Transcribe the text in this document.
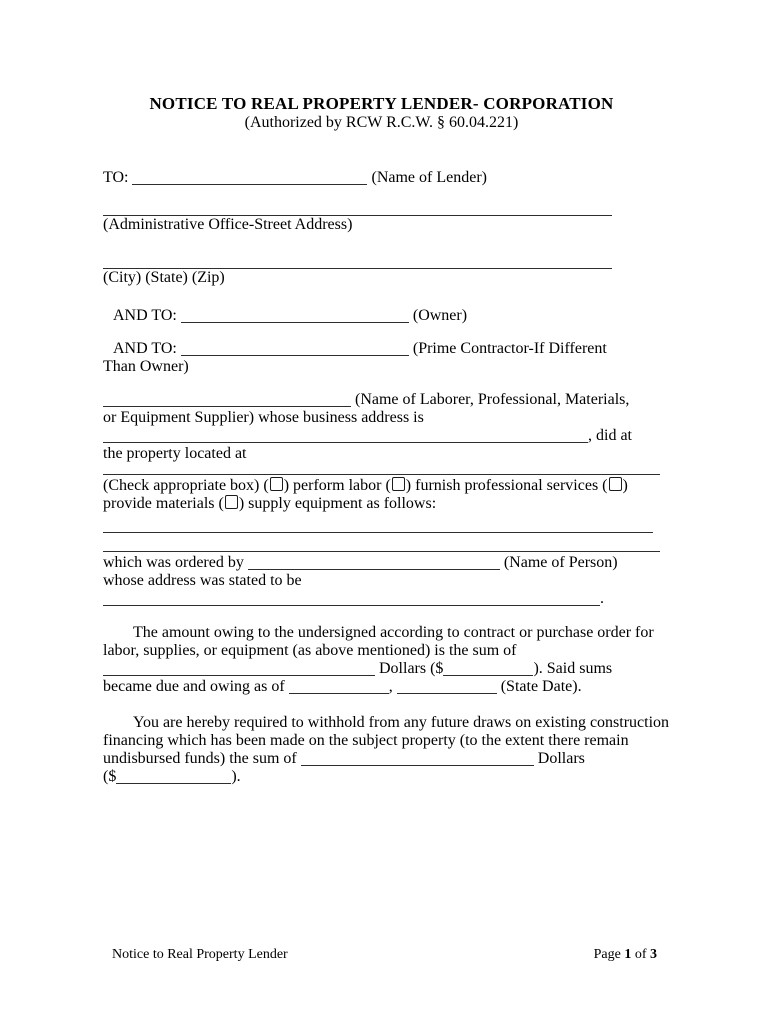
NOTICE TO REAL PROPERTY LENDER- CORPORATION
(Authorized by RCW R.C.W. § 60.04.221)
TO:	(Name of Lender)
(Administrative Office-Street Address)
(City) (State) (Zip)
AND TO:	(Owner)
AND TO:	(Prime Contractor-If Different
Than Owner)
(Name of Laborer, Professional, Materials,
or Equipment Supplier) whose business address is
, did at
the property located at
(Check appropriate box) ( ) perform labor ( ) furnish professional services ( )
provide materials ( ) supply equipment as follows:
which was ordered by	(Name of Person)
whose address was stated to be
.
The amount owing to the undersigned according to contract or purchase order for
labor, supplies, or equipment (as above mentioned) is the sum of
Dollars ($	). Said sums
became due and owing as of	,	(State Date).
You are hereby required to withhold from any future draws on existing construction
financing which has been made on the subject property (to the extent there remain
undisbursed funds) the sum of	Dollars
($	).
Notice to Real Property Lender	Page 1 of 3
